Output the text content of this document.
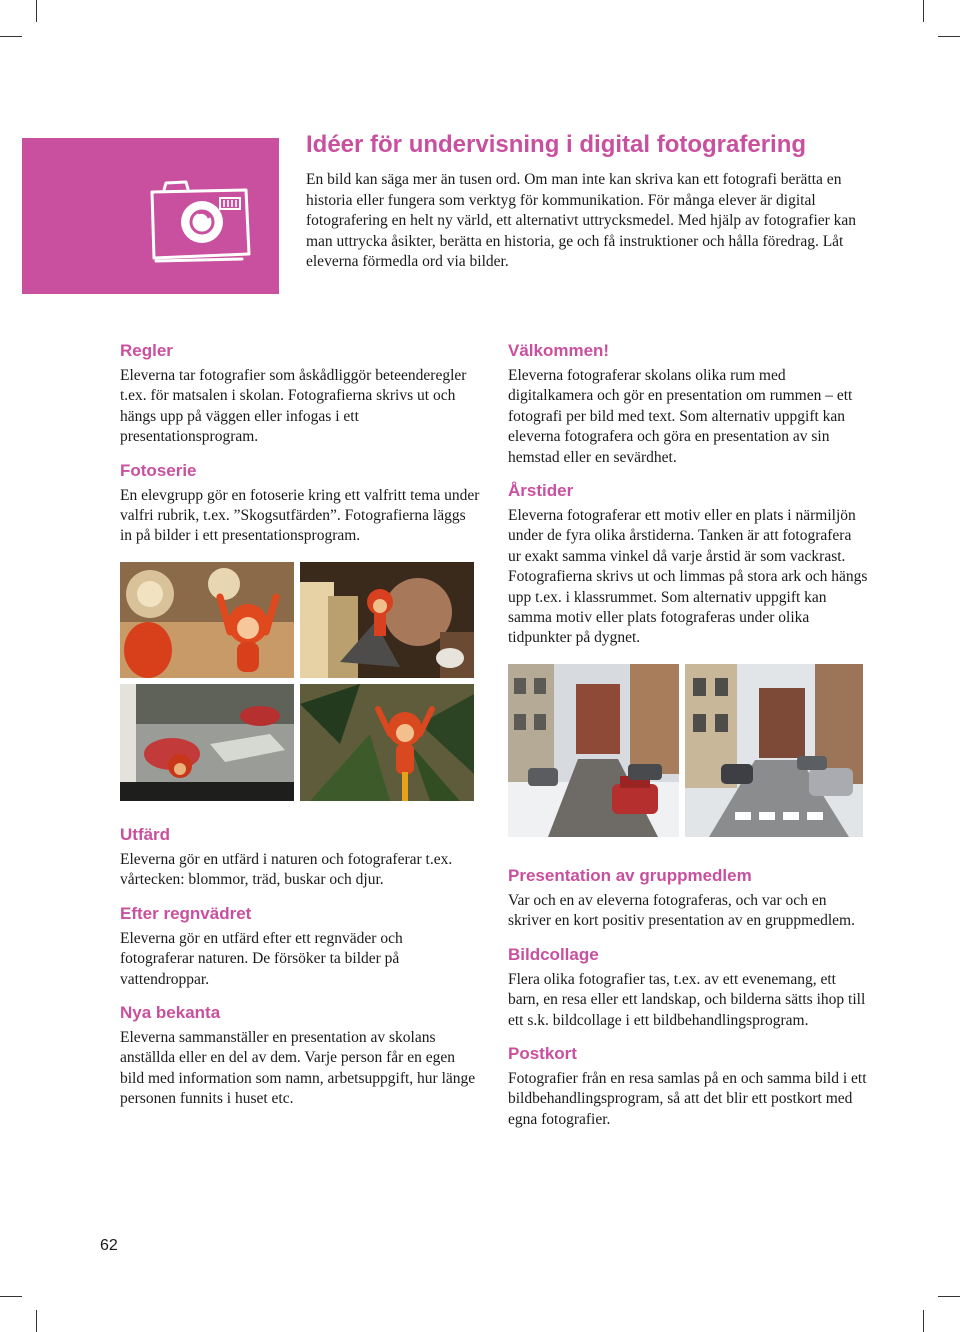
Idéer för undervisning i digital fotografering

En bild kan säga mer än tusen ord. Om man inte kan skriva kan ett fotografi berätta en historia eller fungera som verktyg för kommunikation. För många elever är digital fotografering en helt ny värld, ett alternativt uttrycksmedel. Med hjälp av fotografier kan man uttrycka åsikter, berätta en historia, ge och få instruktioner och hålla föredrag. Låt eleverna förmedla ord via bilder.

Regler

Eleverna tar fotografier som åskådliggör beteenderegler t.ex. för matsalen i skolan. Fotografierna skrivs ut och hängs upp på väggen eller infogas i ett presentationsprogram.

Fotoserie

En elevgrupp gör en fotoserie kring ett valfritt tema under valfri rubrik, t.ex. ”Skogsutfärden”. Fotografierna läggs in på bilder i ett presentationsprogram.

Välkommen!

Eleverna fotograferar skolans olika rum med digitalkamera och gör en presentation om rummen – ett fotografi per bild med text. Som alternativ uppgift kan eleverna fotografera och göra en presentation av sin hemstad eller en sevärdhet.

Årstider

Eleverna fotograferar ett motiv eller en plats i närmiljön under de fyra olika årstiderna. Tanken är att fotografera ur exakt samma vinkel då varje årstid är som vackrast. Fotografierna skrivs ut och limmas på stora ark och hängs upp t.ex. i klassrummet. Som alternativ uppgift kan samma motiv eller plats fotograferas under olika tidpunkter på dygnet.

Utfärd

Eleverna gör en utfärd i naturen och fotograferar t.ex. vårtecken: blommor, träd, buskar och djur.

Efter regnvädret

Eleverna gör en utfärd efter ett regnväder och fotograferar naturen. De försöker ta bilder på vattendroppar.

Nya bekanta

Eleverna sammanställer en presentation av skolans anställda eller en del av dem. Varje person får en egen bild med information som namn, arbetsuppgift, hur länge personen funnits i huset etc.

Presentation av gruppmedlem

Var och en av eleverna fotograferas, och var och en skriver en kort positiv presentation av en gruppmedlem.

Bildcollage

Flera olika fotografier tas, t.ex. av ett evenemang, ett barn, en resa eller ett landskap, och bilderna sätts ihop till ett s.k. bildcollage i ett bildbehandlingsprogram.

Postkort

Fotografier från en resa samlas på en och samma bild i ett bildbehandlingsprogram, så att det blir ett postkort med egna fotografier.

62
